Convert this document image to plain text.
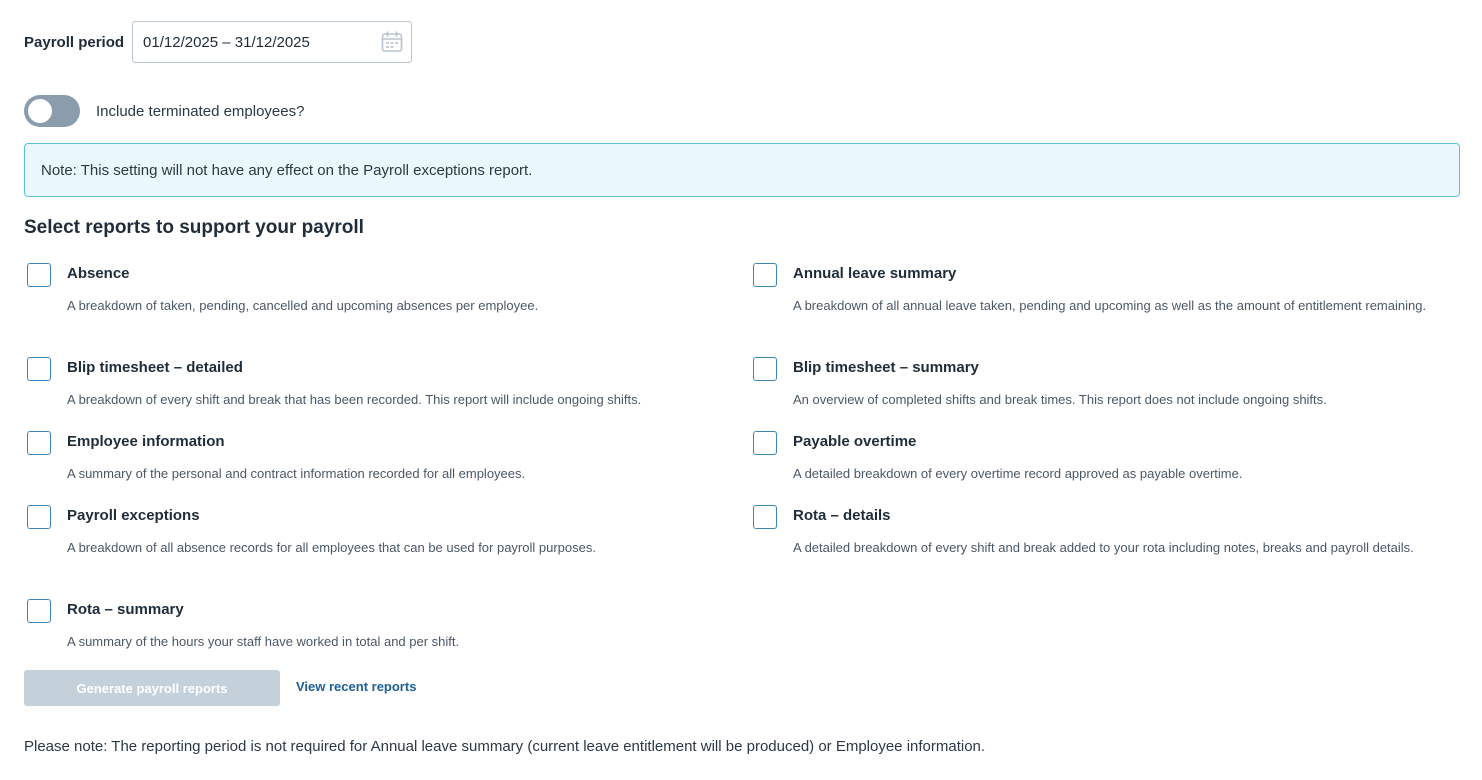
Payroll period 01/12/2025 – 31/12/2025
Include terminated employees?
Note: This setting will not have any effect on the Payroll exceptions report.
Select reports to support your payroll
Absence
A breakdown of taken, pending, cancelled and upcoming absences per employee.
Blip timesheet – detailed
A breakdown of every shift and break that has been recorded. This report will include ongoing shifts.
Employee information
A summary of the personal and contract information recorded for all employees.
Payroll exceptions
A breakdown of all absence records for all employees that can be used for payroll purposes.
Rota – summary
A summary of the hours your staff have worked in total and per shift.
Annual leave summary
A breakdown of all annual leave taken, pending and upcoming as well as the amount of entitlement remaining.
Blip timesheet – summary
An overview of completed shifts and break times. This report does not include ongoing shifts.
Payable overtime
A detailed breakdown of every overtime record approved as payable overtime.
Rota – details
A detailed breakdown of every shift and break added to your rota including notes, breaks and payroll details.
Generate payroll reports	View recent reports
Please note: The reporting period is not required for Annual leave summary (current leave entitlement will be produced) or Employee information.
